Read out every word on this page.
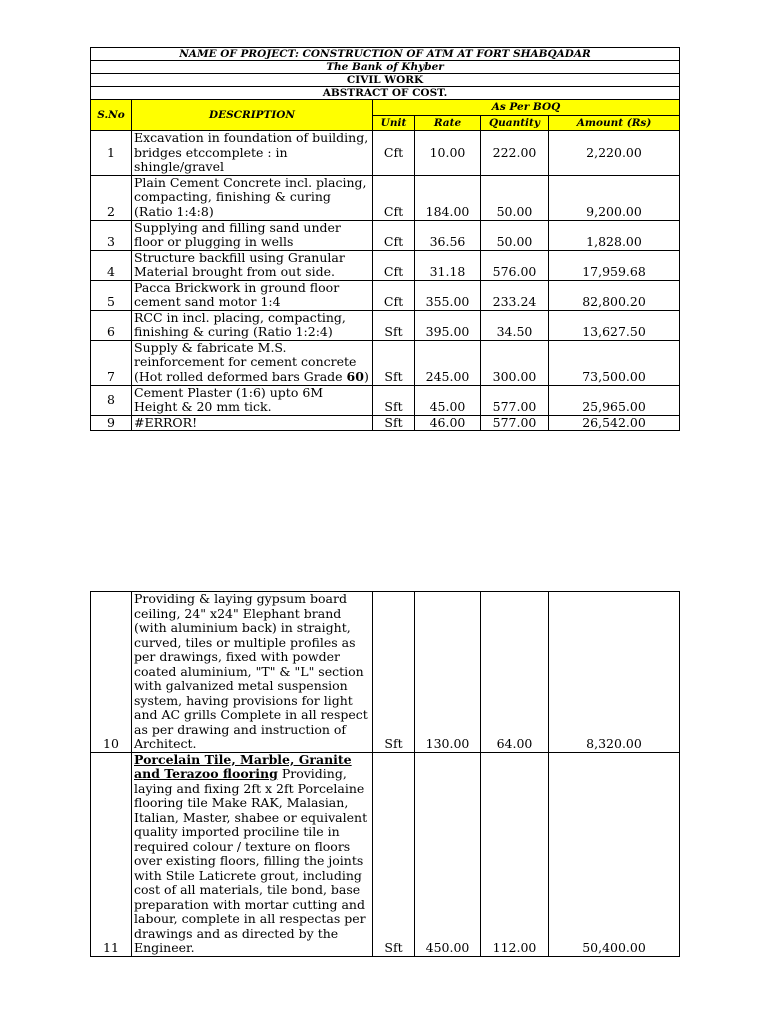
NAME OF PROJECT: CONSTRUCTION OF ATM AT FORT SHABQADAR					
The Bank of Khyber					
CIVIL WORK					
ABSTRACT OF COST.					
S.No	DESCRIPTION	As Per BOQ			
		Unit	Rate	Quantity	Amount (Rs)
1	Excavation in foundation of building, bridges etccomplete : in shingle/gravel	Cft	10.00	222.00	2,220.00
2	Plain Cement Concrete incl. placing, compacting, finishing & curing (Ratio 1:4:8)	Cft	184.00	50.00	9,200.00
3	Supplying and filling sand under floor or plugging in wells	Cft	36.56	50.00	1,828.00
4	Structure backfill using Granular Material brought from out side.	Cft	31.18	576.00	17,959.68
5	Pacca Brickwork in ground floor cement sand motor 1:4	Cft	355.00	233.24	82,800.20
6	RCC in incl. placing, compacting, finishing & curing (Ratio 1:2:4)	Sft	395.00	34.50	13,627.50
7	Supply & fabricate M.S. reinforcement for cement concrete (Hot rolled deformed bars Grade 60)	Sft	245.00	300.00	73,500.00
8	Cement Plaster (1:6) upto 6M Height & 20 mm tick.	Sft	45.00	577.00	25,965.00
9	#ERROR!	Sft	46.00	577.00	26,542.00
10	Providing & laying gypsum board ceiling, 24" x24" Elephant brand (with aluminium back) in straight, curved, tiles or multiple profiles as per drawings, fixed with powder coated aluminium, "T" & "L" section with galvanized metal suspension system, having provisions for light and AC grills Complete in all respect as per drawing and instruction of Architect.	Sft	130.00	64.00	8,320.00
11	Porcelain Tile, Marble, Granite and Terazoo flooring Providing, laying and fixing 2ft x 2ft Porcelaine flooring tile Make RAK, Malasian, Italian, Master, shabee or equivalent quality imported prociline tile in required colour / texture on floors over existing floors, filling the joints with Stile Laticrete grout, including cost of all materials, tile bond, base preparation with mortar cutting and labour, complete in all respectas per drawings and as directed by the Engineer.	Sft	450.00	112.00	50,400.00
